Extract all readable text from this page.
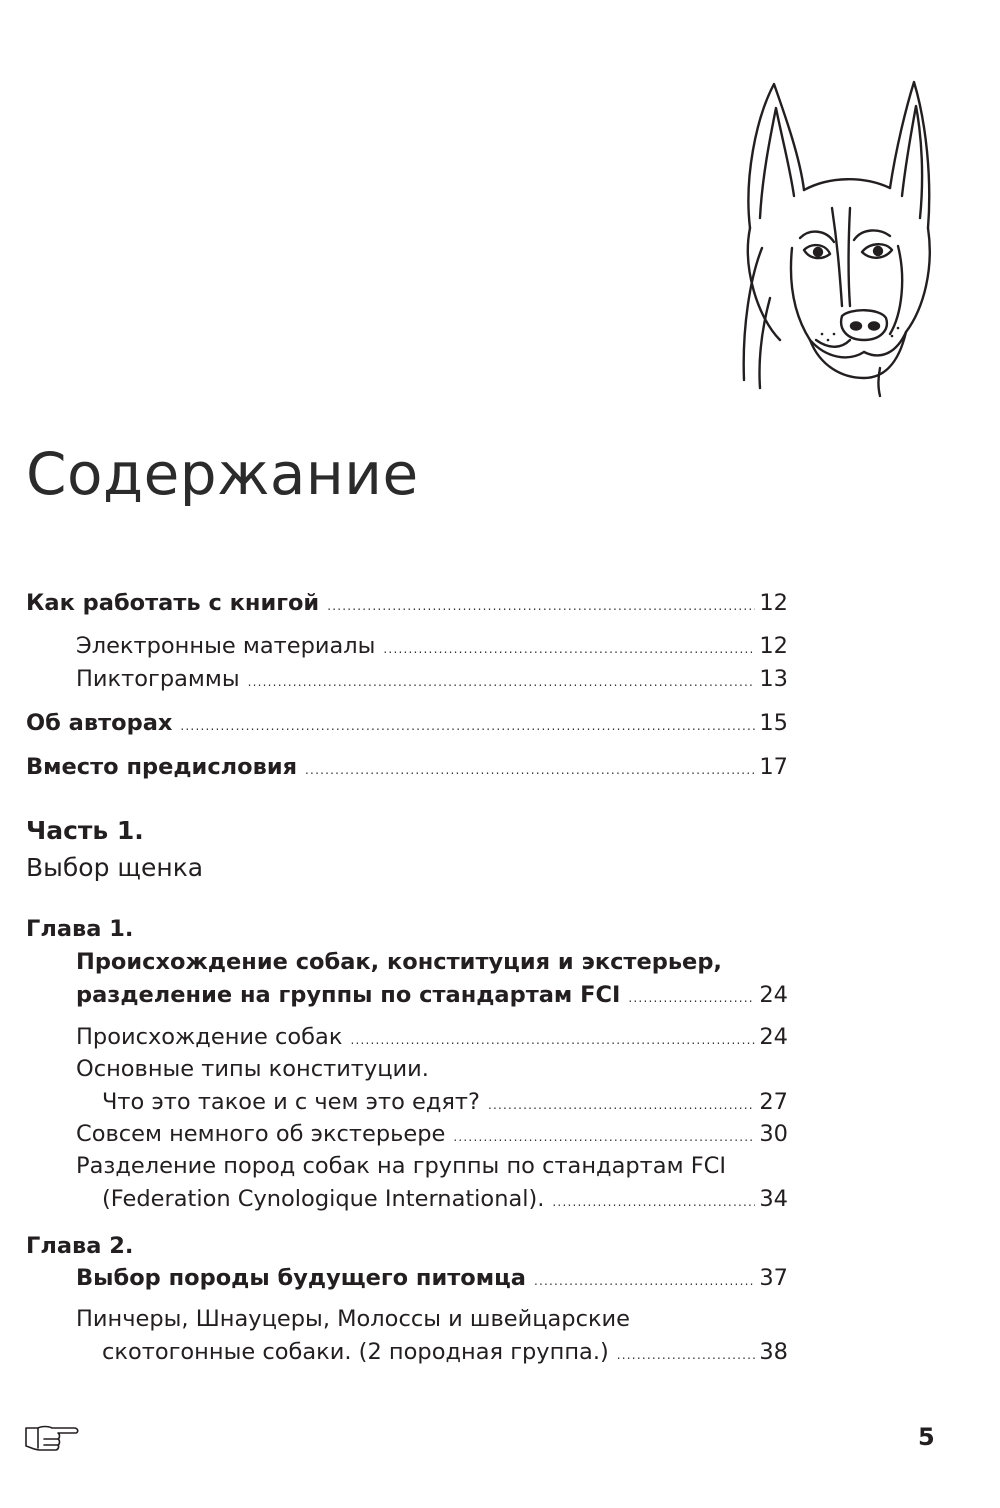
Содержание
Как работать с книгой .....	12
Электронные материалы .....	12
Пиктограммы .....	13
Об авторах .....	15
Вместо предисловия .....	17
Часть 1.
Выбор щенка
Глава 1.
Происхождение собак, конституция и экстерьер,
разделение на группы по стандартам FCI .....	24
Происхождение собак .....	24
Основные типы конституции.
Что это такое и с чем это едят? .....	27
Совсем немного об экстерьере .....	30
Разделение пород собак на группы по стандартам FCI
(Federation Cynologique International). .....	34
Глава 2.
Выбор породы будущего питомца .....	37
Пинчеры, Шнауцеры, Молоссы и швейцарские
скотогонные собаки. (2 породная группа.) .....	38
5
